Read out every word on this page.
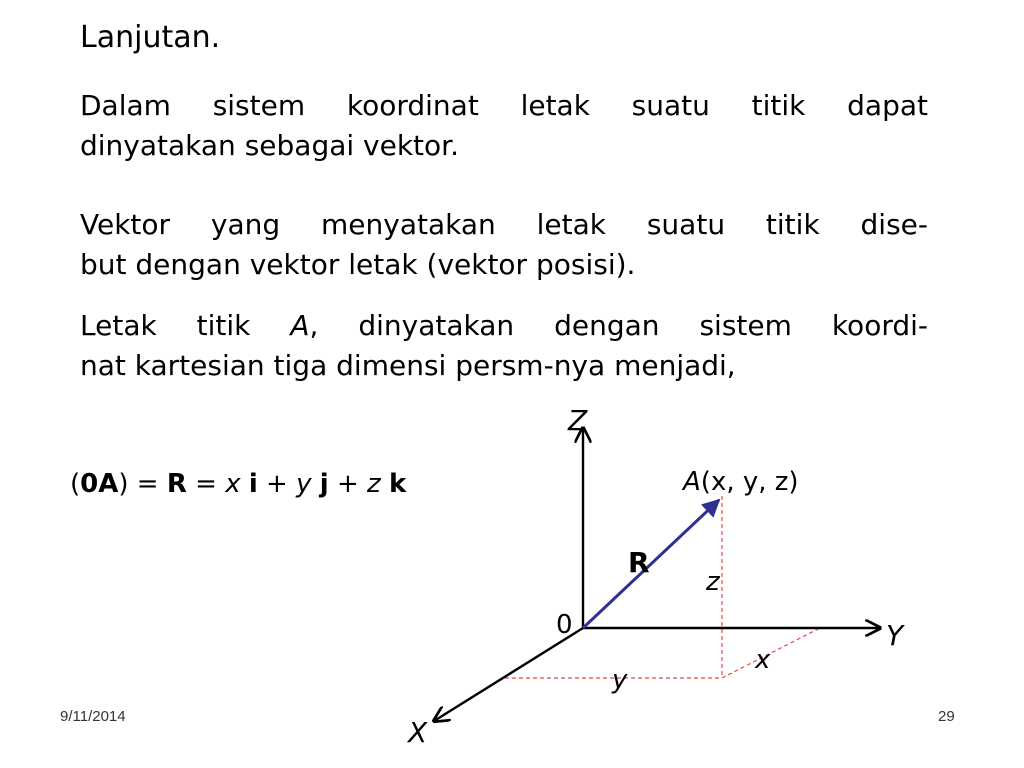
Lanjutan.

Dalam sistem koordinat letak suatu titik dapat
dinyatakan sebagai vektor.

Vektor yang menyatakan letak suatu titik dise-
but dengan vektor letak (vektor posisi).

Letak titik A, dinyatakan dengan sistem koordi-
nat kartesian tiga dimensi persm-nya menjadi,

(0A) = R = x i + y j + z k
Z
Y
X
0
A(x, y, z)
R
z
x
y
9/11/2014	29
